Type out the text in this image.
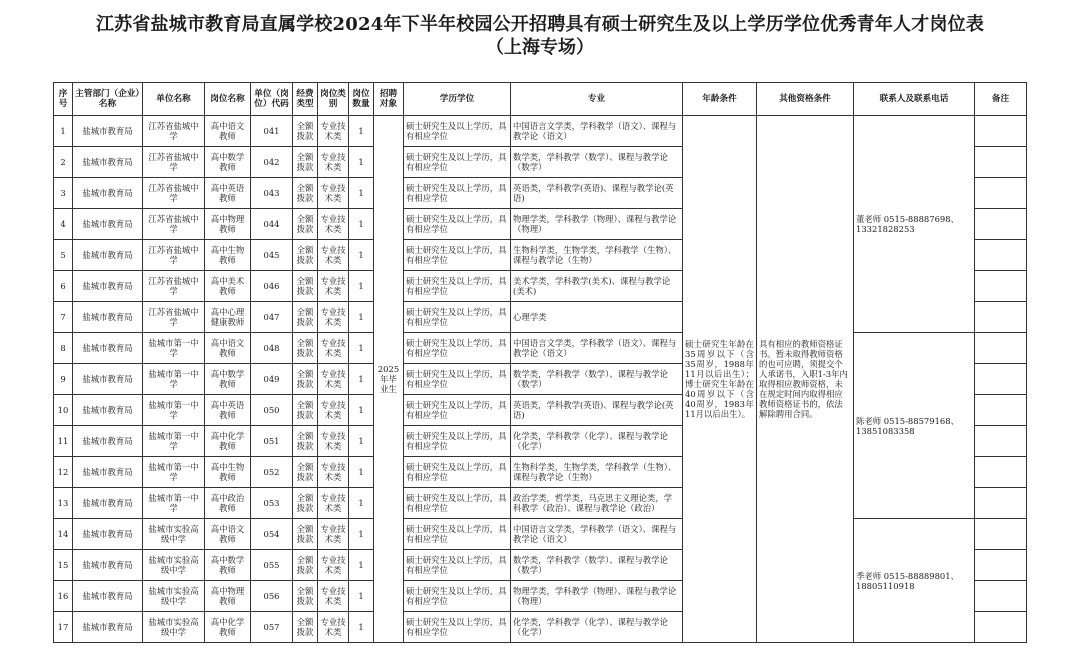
江苏省盐城市教育局直属学校2024年下半年校园公开招聘具有硕士研究生及以上学历学位优秀青年人才岗位表
（上海专场）
序号	主管部门（企业）名称	单位名称	岗位名称	单位（岗位）代码	经费类型	岗位类别	岗位数量	招聘对象	学历学位	专业	年龄条件	其他资格条件	联系人及联系电话	备注
1	盐城市教育局	江苏省盐城中学	高中语文教师	041	全额拨款	专业技术类	1	2025年毕业生	硕士研究生及以上学历，具有相应学位	中国语言文学类，学科教学（语文）、课程与教学论（语文）	硕士研究生年龄在35周岁以下（含35周岁，1988年11月以后出生）；博士研究生年龄在40周岁以下（含40周岁，1983年11月以后出生）。	具有相应的教师资格证书。暂未取得教师资格的也可应聘，须提交个人承诺书，入职1-3年内取得相应教师资格，未在规定时间内取得相应教师资格证书的，依法解除聘用合同。	董老师 0515-88887698、13321828253	
2	盐城市教育局	江苏省盐城中学	高中数学教师	042	全额拨款	专业技术类	1		硕士研究生及以上学历，具有相应学位	数学类，学科教学（数学）、课程与教学论（数学）				
3	盐城市教育局	江苏省盐城中学	高中英语教师	043	全额拨款	专业技术类	1		硕士研究生及以上学历，具有相应学位	英语类，学科教学(英语)、课程与教学论(英语)				
4	盐城市教育局	江苏省盐城中学	高中物理教师	044	全额拨款	专业技术类	1		硕士研究生及以上学历，具有相应学位	物理学类，学科教学（物理）、课程与教学论（物理）				
5	盐城市教育局	江苏省盐城中学	高中生物教师	045	全额拨款	专业技术类	1		硕士研究生及以上学历，具有相应学位	生物科学类，生物学类，学科教学（生物）、课程与教学论（生物）				
6	盐城市教育局	江苏省盐城中学	高中美术教师	046	全额拨款	专业技术类	1		硕士研究生及以上学历，具有相应学位	美术学类，学科教学(美术)、课程与教学论(美术)				
7	盐城市教育局	江苏省盐城中学	高中心理健康教师	047	全额拨款	专业技术类	1		硕士研究生及以上学历，具有相应学位	心理学类				
8	盐城市教育局	盐城市第一中学	高中语文教师	048	全额拨款	专业技术类	1		硕士研究生及以上学历，具有相应学位	中国语言文学类，学科教学（语文）、课程与教学论（语文）			陈老师 0515-88579168、13851083358	
9	盐城市教育局	盐城市第一中学	高中数学教师	049	全额拨款	专业技术类	1		硕士研究生及以上学历，具有相应学位	数学类，学科教学（数学）、课程与教学论（数学）				
10	盐城市教育局	盐城市第一中学	高中英语教师	050	全额拨款	专业技术类	1		硕士研究生及以上学历，具有相应学位	英语类，学科教学(英语)、课程与教学论(英语)				
11	盐城市教育局	盐城市第一中学	高中化学教师	051	全额拨款	专业技术类	1		硕士研究生及以上学历，具有相应学位	化学类，学科教学（化学）、课程与教学论（化学）				
12	盐城市教育局	盐城市第一中学	高中生物教师	052	全额拨款	专业技术类	1		硕士研究生及以上学历，具有相应学位	生物科学类，生物学类，学科教学（生物）、课程与教学论（生物）				
13	盐城市教育局	盐城市第一中学	高中政治教师	053	全额拨款	专业技术类	1		硕士研究生及以上学历，具有相应学位	政治学类，哲学类，马克思主义理论类，学科教学（政治）、课程与教学论（政治）				
14	盐城市教育局	盐城市实验高级中学	高中语文教师	054	全额拨款	专业技术类	1		硕士研究生及以上学历，具有相应学位	中国语言文学类，学科教学（语文）、课程与教学论（语文）			季老师 0515-88889801、18805110918	
15	盐城市教育局	盐城市实验高级中学	高中数学教师	055	全额拨款	专业技术类	1		硕士研究生及以上学历，具有相应学位	数学类，学科教学（数学）、课程与教学论（数学）				
16	盐城市教育局	盐城市实验高级中学	高中物理教师	056	全额拨款	专业技术类	1		硕士研究生及以上学历，具有相应学位	物理学类，学科教学（物理）、课程与教学论（物理）				
17	盐城市教育局	盐城市实验高级中学	高中化学教师	057	全额拨款	专业技术类	1		硕士研究生及以上学历，具有相应学位	化学类，学科教学（化学）、课程与教学论（化学）				
